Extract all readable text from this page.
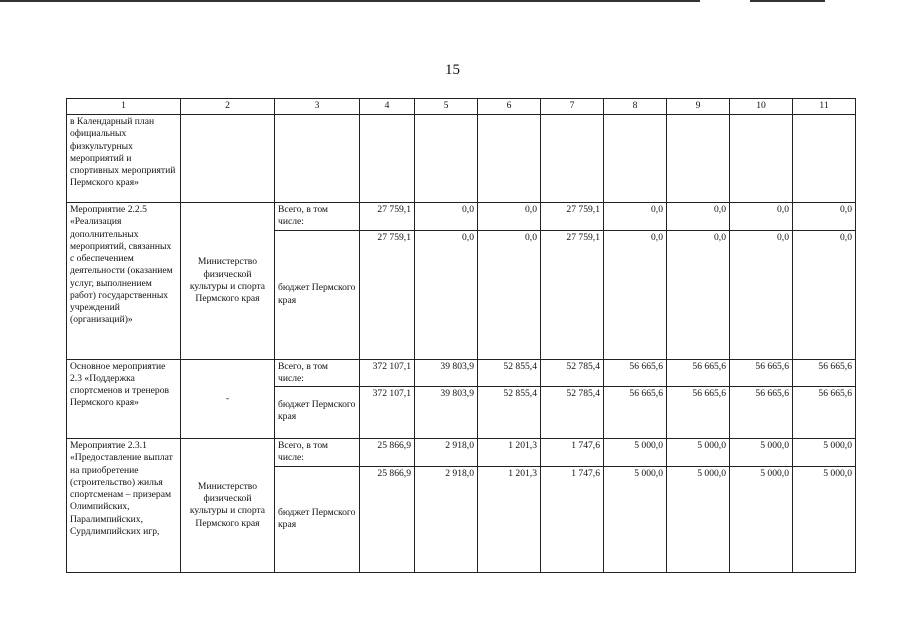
15
1	2	3	4	5	6	7	8	9	10	11
в Календарный план официальных физкультурных мероприятий и спортивных мероприятий Пермского края»										
Мероприятие 2.2.5 «Реализация дополнительных мероприятий, связанных с обеспечением деятельности (оказанием услуг, выполнением работ) государственных учреждений (организаций)»	Министерство физической культуры и спорта Пермского края	Всего, в том числе:	27 759,1	0,0	0,0	27 759,1	0,0	0,0	0,0	0,0
		бюджет Пермского края	27 759,1	0,0	0,0	27 759,1	0,0	0,0	0,0	0,0
Основное мероприятие 2.3 «Поддержка спортсменов и тренеров Пермского края»	-	Всего, в том числе:	372 107,1	39 803,9	52 855,4	52 785,4	56 665,6	56 665,6	56 665,6	56 665,6
		бюджет Пермского края	372 107,1	39 803,9	52 855,4	52 785,4	56 665,6	56 665,6	56 665,6	56 665,6
Мероприятие 2.3.1 «Предоставление выплат на приобретение (строительство) жилья спортсменам – призерам Олимпийских, Паралимпийских, Сурдлимпийских игр,	Министерство физической культуры и спорта Пермского края	Всего, в том числе:	25 866,9	2 918,0	1 201,3	1 747,6	5 000,0	5 000,0	5 000,0	5 000,0
		бюджет Пермского края	25 866,9	2 918,0	1 201,3	1 747,6	5 000,0	5 000,0	5 000,0	5 000,0
